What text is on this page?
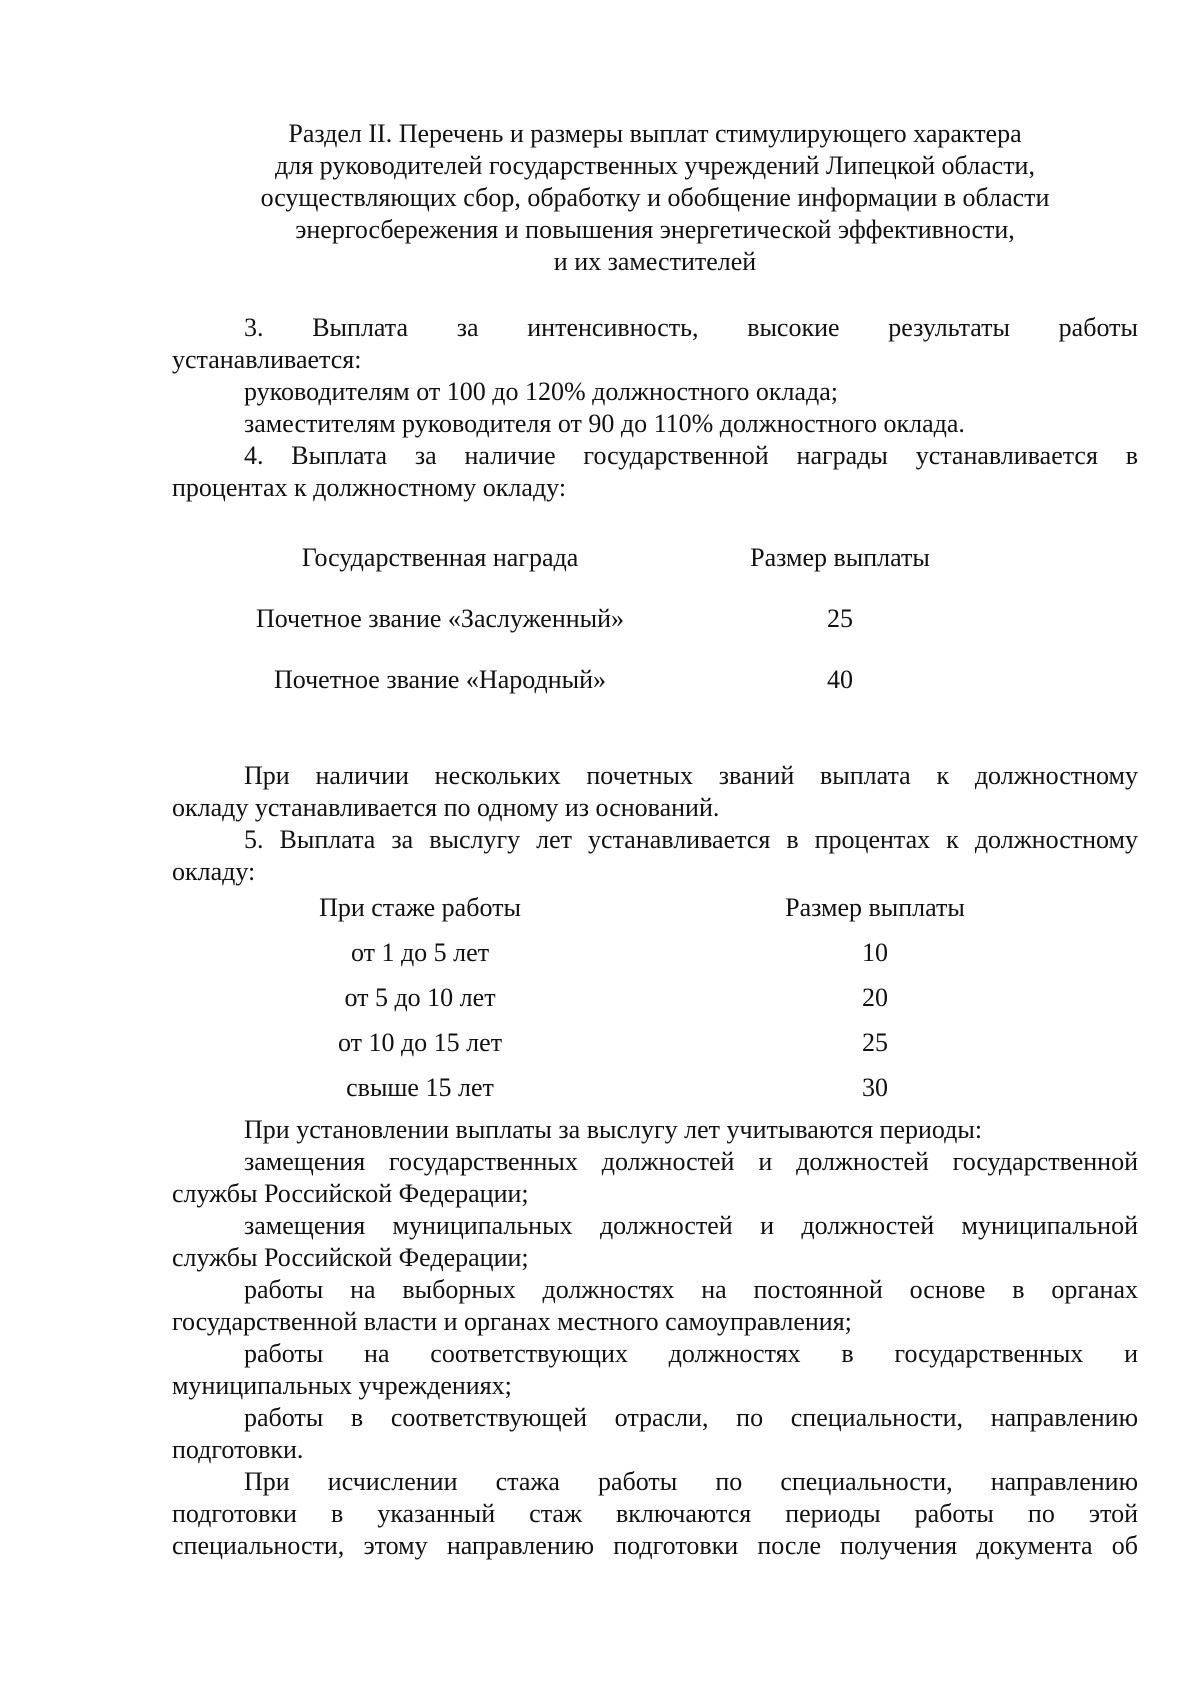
Раздел II. Перечень и размеры выплат стимулирующего характера
для руководителей государственных учреждений Липецкой области,
осуществляющих сбор, обработку и обобщение информации в области
энергосбережения и повышения энергетической эффективности,
и их заместителей
3. Выплата за интенсивность, высокие результаты работы
устанавливается:
руководителям от 100 до 120% должностного оклада;
заместителям руководителя от 90 до 110% должностного оклада.
4. Выплата за наличие государственной награды устанавливается в
процентах к должностному окладу:
Государственная награда	Размер выплаты
Почетное звание «Заслуженный»	25
Почетное звание «Народный»	40
При наличии нескольких почетных званий выплата к должностному
окладу устанавливается по одному из оснований.
5. Выплата за выслугу лет устанавливается в процентах к должностному
окладу:
При стаже работы	Размер выплаты
от 1 до 5 лет	10
от 5 до 10 лет	20
от 10 до 15 лет	25
свыше 15 лет	30
При установлении выплаты за выслугу лет учитываются периоды:
замещения государственных должностей и должностей государственной
службы Российской Федерации;
замещения муниципальных должностей и должностей муниципальной
службы Российской Федерации;
работы на выборных должностях на постоянной основе в органах
государственной власти и органах местного самоуправления;
работы на соответствующих должностях в государственных и
муниципальных учреждениях;
работы в соответствующей отрасли, по специальности, направлению
подготовки.
При исчислении стажа работы по специальности, направлению
подготовки в указанный стаж включаются периоды работы по этой
специальности, этому направлению подготовки после получения документа об
